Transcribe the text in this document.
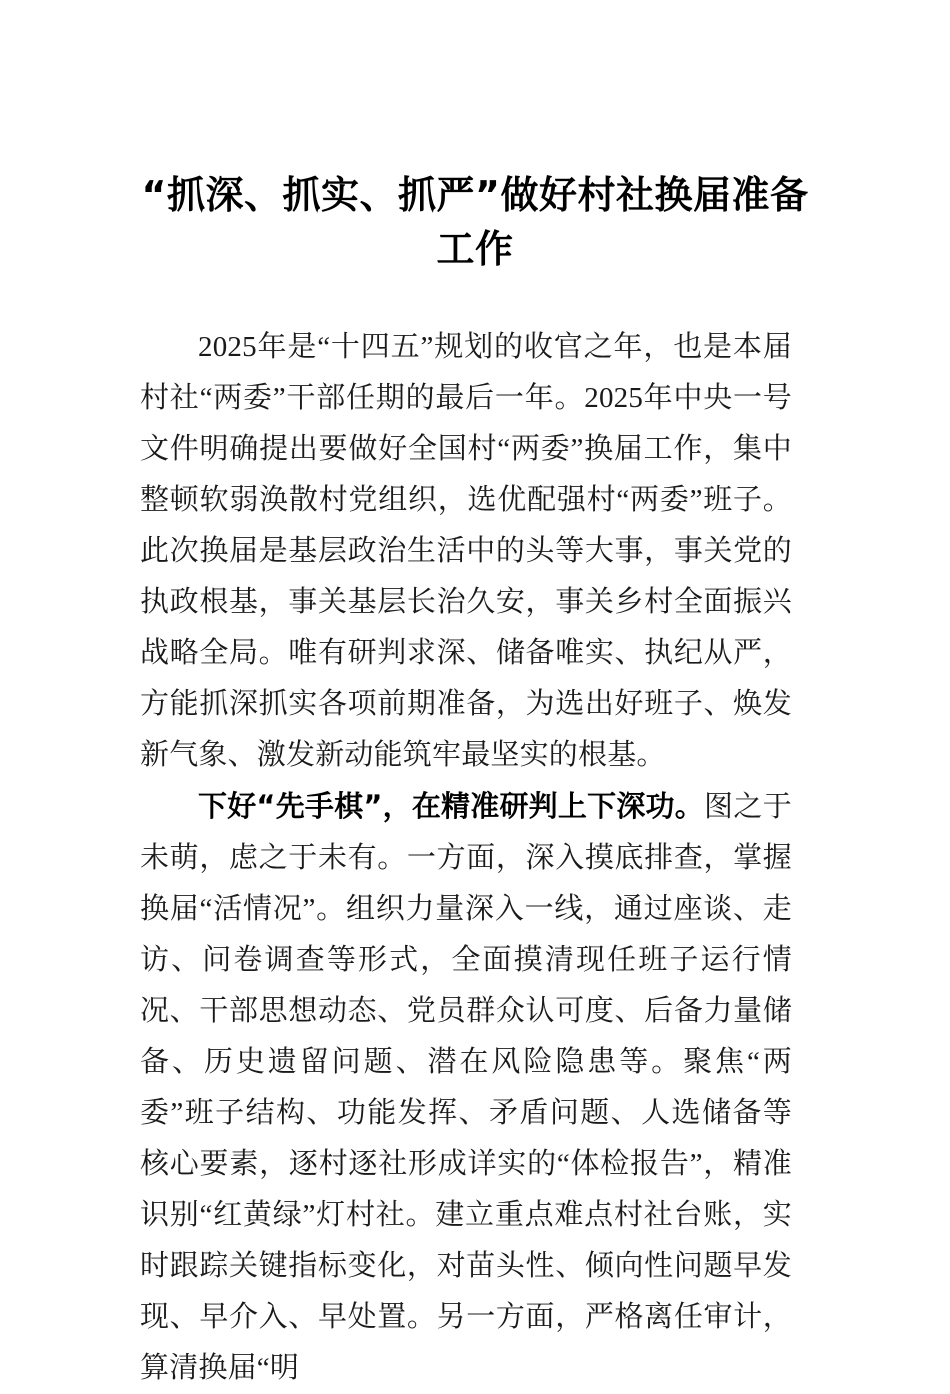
“抓深、抓实、抓严”做好村社换届准备工作

2025年是“十四五”规划的收官之年，也是本届村社“两委”干部任期的最后一年。2025年中央一号文件明确提出要做好全国村“两委”换届工作，集中整顿软弱涣散村党组织，选优配强村“两委”班子。此次换届是基层政治生活中的头等大事，事关党的执政根基，事关基层长治久安，事关乡村全面振兴战略全局。唯有研判求深、储备唯实、执纪从严，方能抓深抓实各项前期准备，为选出好班子、焕发新气象、激发新动能筑牢最坚实的根基。

下好“先手棋”，在精准研判上下深功。图之于未萌，虑之于未有。一方面，深入摸底排查，掌握换届“活情况”。组织力量深入一线，通过座谈、走访、问卷调查等形式，全面摸清现任班子运行情况、干部思想动态、党员群众认可度、后备力量储备、历史遗留问题、潜在风险隐患等。聚焦“两委”班子结构、功能发挥、矛盾问题、人选储备等核心要素，逐村逐社形成详实的“体检报告”，精准识别“红黄绿”灯村社。建立重点难点村社台账，实时跟踪关键指标变化，对苗头性、倾向性问题早发现、早介入、早处置。另一方面，严格离任审计，算清换届“明
